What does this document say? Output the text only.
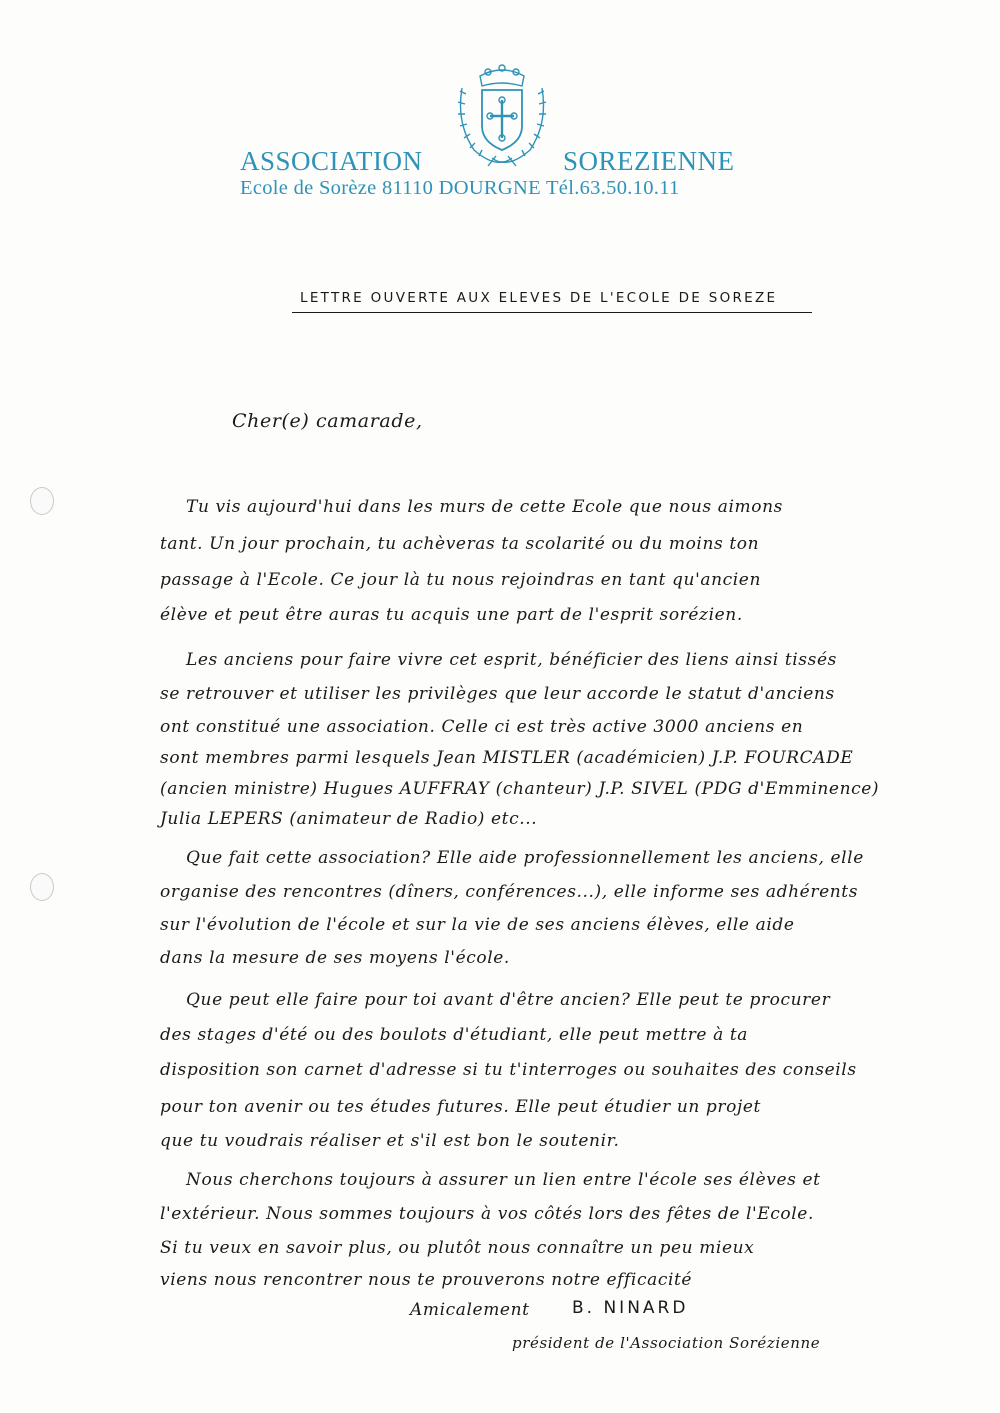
ASSOCIATION	SOREZIENNE
Ecole de Sorèze 81110 DOURGNE Tél.63.50.10.11
LETTRE OUVERTE AUX ELEVES DE L'ECOLE DE SOREZE
Cher(e) camarade,
Tu vis aujourd'hui dans les murs de cette Ecole que nous aimons
tant. Un jour prochain, tu achèveras ta scolarité ou du moins ton
passage à l'Ecole. Ce jour là tu nous rejoindras en tant qu'ancien
élève et peut être auras tu acquis une part de l'esprit sorézien.
Les anciens pour faire vivre cet esprit, bénéficier des liens ainsi tissés
se retrouver et utiliser les privilèges que leur accorde le statut d'anciens
ont constitué une association. Celle ci est très active 3000 anciens en
sont membres parmi lesquels Jean MISTLER (académicien) J.P. FOURCADE
(ancien ministre) Hugues AUFFRAY (chanteur) J.P. SIVEL (PDG d'Emminence)
Julia LEPERS (animateur de Radio) etc...
Que fait cette association? Elle aide professionnellement les anciens, elle
organise des rencontres (dîners, conférences...), elle informe ses adhérents
sur l'évolution de l'école et sur la vie de ses anciens élèves, elle aide
dans la mesure de ses moyens l'école.
Que peut elle faire pour toi avant d'être ancien? Elle peut te procurer
des stages d'été ou des boulots d'étudiant, elle peut mettre à ta
disposition son carnet d'adresse si tu t'interroges ou souhaites des conseils
pour ton avenir ou tes études futures. Elle peut étudier un projet
que tu voudrais réaliser et s'il est bon le soutenir.
Nous cherchons toujours à assurer un lien entre l'école ses élèves et
l'extérieur. Nous sommes toujours à vos côtés lors des fêtes de l'Ecole.
Si tu veux en savoir plus, ou plutôt nous connaître un peu mieux
viens nous rencontrer nous te prouverons notre efficacité
Amicalement B. NINARD
président de l'Association Sorézienne
